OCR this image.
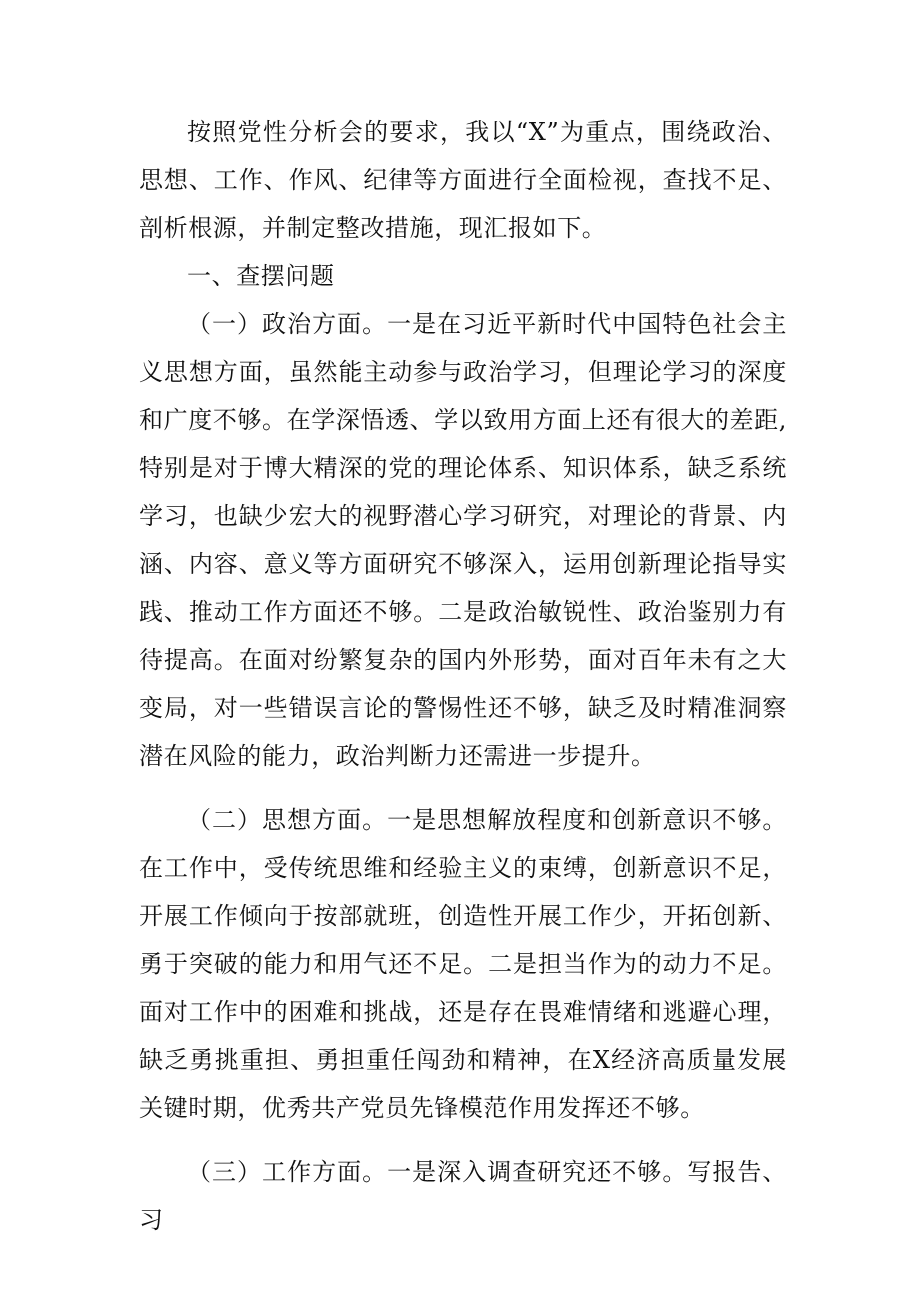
按照党性分析会的要求，我以“X”为重点，围绕政治、思想、工作、作风、纪律等方面进行全面检视，查找不足、剖析根源，并制定整改措施，现汇报如下。

一、查摆问题

（一）政治方面。一是在习近平新时代中国特色社会主义思想方面，虽然能主动参与政治学习，但理论学习的深度和广度不够。在学深悟透、学以致用方面上还有很大的差距,特别是对于博大精深的党的理论体系、知识体系，缺乏系统学习，也缺少宏大的视野潜心学习研究，对理论的背景、内涵、内容、意义等方面研究不够深入，运用创新理论指导实践、推动工作方面还不够。二是政治敏锐性、政治鉴别力有待提高。在面对纷繁复杂的国内外形势，面对百年未有之大变局，对一些错误言论的警惕性还不够，缺乏及时精准洞察潜在风险的能力，政治判断力还需进一步提升。

（二）思想方面。一是思想解放程度和创新意识不够。在工作中，受传统思维和经验主义的束缚，创新意识不足，开展工作倾向于按部就班，创造性开展工作少，开拓创新、勇于突破的能力和用气还不足。二是担当作为的动力不足。面对工作中的困难和挑战，还是存在畏难情绪和逃避心理，缺乏勇挑重担、勇担重任闯劲和精神，在X经济高质量发展关键时期，优秀共产党员先锋模范作用发挥还不够。

（三）工作方面。一是深入调查研究还不够。写报告、习
